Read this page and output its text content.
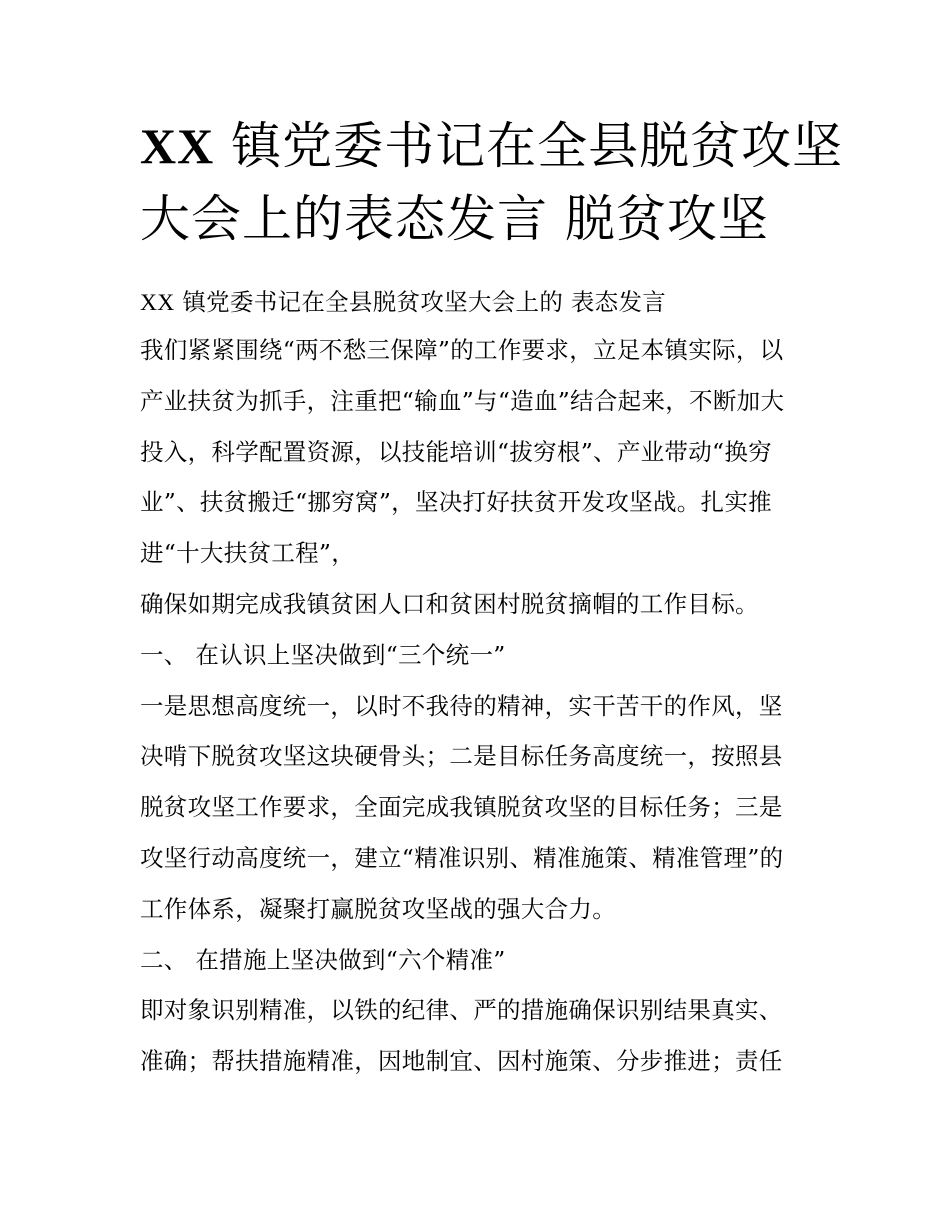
XX 镇党委书记在全县脱贫攻坚
大会上的表态发言 脱贫攻坚
XX 镇党委书记在全县脱贫攻坚大会上的 表态发言
我们紧紧围绕“两不愁三保障”的工作要求，立足本镇实际，以
产业扶贫为抓手，注重把“输血”与“造血”结合起来，不断加大
投入，科学配置资源，以技能培训“拔穷根”、产业带动“换穷
业”、扶贫搬迁“挪穷窝”，坚决打好扶贫开发攻坚战。扎实推
进“十大扶贫工程”，
确保如期完成我镇贫困人口和贫困村脱贫摘帽的工作目标。
一、 在认识上坚决做到“三个统一”
一是思想高度统一，以时不我待的精神，实干苦干的作风，坚
决啃下脱贫攻坚这块硬骨头；二是目标任务高度统一，按照县
脱贫攻坚工作要求，全面完成我镇脱贫攻坚的目标任务；三是
攻坚行动高度统一，建立“精准识别、精准施策、精准管理”的
工作体系，凝聚打赢脱贫攻坚战的强大合力。
二、 在措施上坚决做到“六个精准”
即对象识别精准，以铁的纪律、严的措施确保识别结果真实、
准确；帮扶措施精准，因地制宜、因村施策、分步推进；责任
